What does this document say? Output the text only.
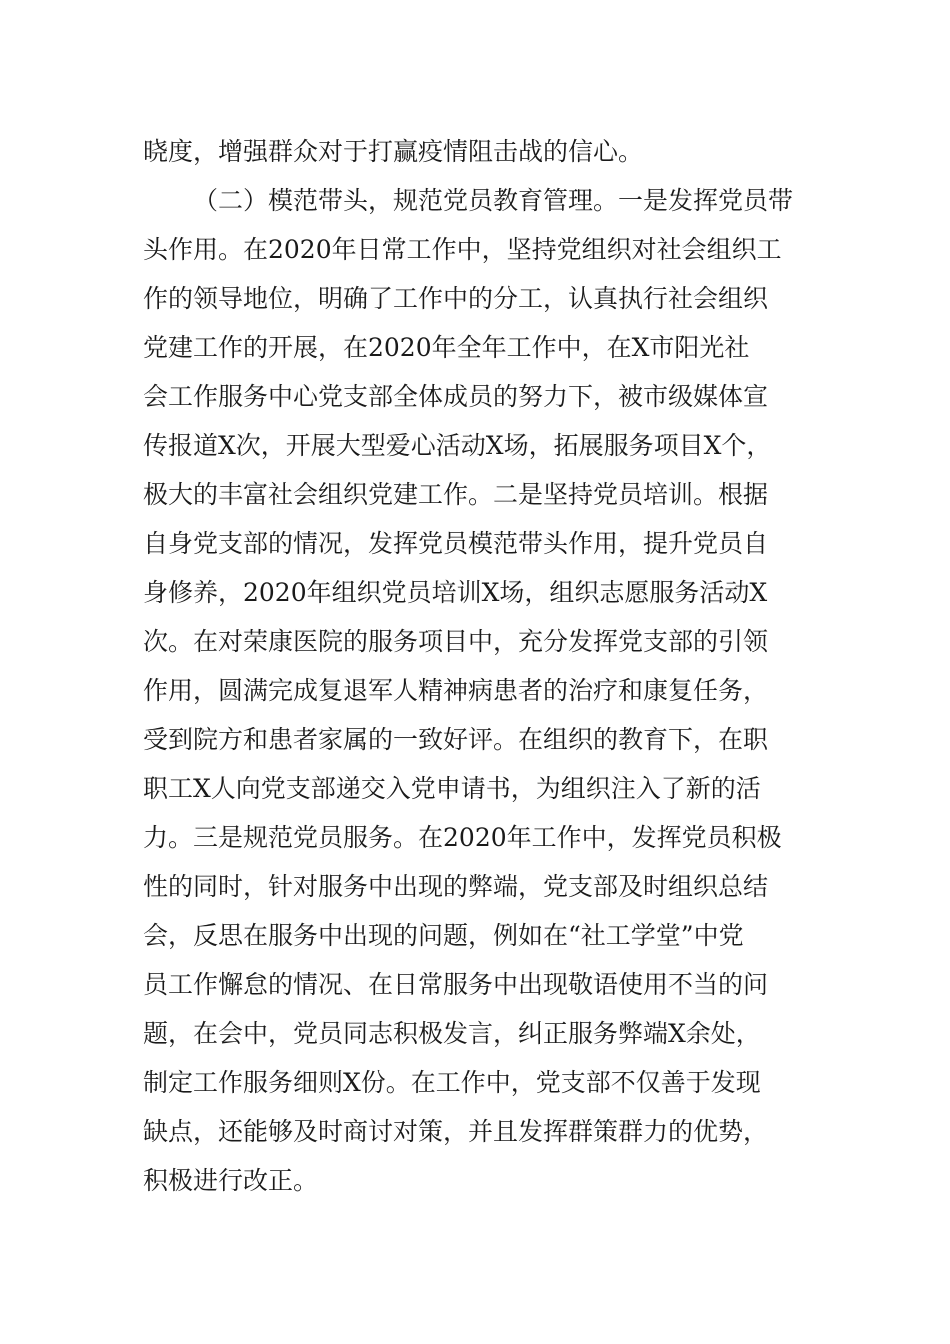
晓度，增强群众对于打赢疫情阻击战的信心。
（二）模范带头，规范党员教育管理。一是发挥党员带
头作用。在2020年日常工作中，坚持党组织对社会组织工
作的领导地位，明确了工作中的分工，认真执行社会组织
党建工作的开展，在2020年全年工作中，在X市阳光社
会工作服务中心党支部全体成员的努力下，被市级媒体宣
传报道X次，开展大型爱心活动X场，拓展服务项目X个，
极大的丰富社会组织党建工作。二是坚持党员培训。根据
自身党支部的情况，发挥党员模范带头作用，提升党员自
身修养，2020年组织党员培训X场，组织志愿服务活动X
次。在对荣康医院的服务项目中，充分发挥党支部的引领
作用，圆满完成复退军人精神病患者的治疗和康复任务，
受到院方和患者家属的一致好评。在组织的教育下，在职
职工X人向党支部递交入党申请书，为组织注入了新的活
力。三是规范党员服务。在2020年工作中，发挥党员积极
性的同时，针对服务中出现的弊端，党支部及时组织总结
会，反思在服务中出现的问题，例如在“社工学堂”中党
员工作懈怠的情况、在日常服务中出现敬语使用不当的问
题，在会中，党员同志积极发言，纠正服务弊端X余处，
制定工作服务细则X份。在工作中，党支部不仅善于发现
缺点，还能够及时商讨对策，并且发挥群策群力的优势，
积极进行改正。
